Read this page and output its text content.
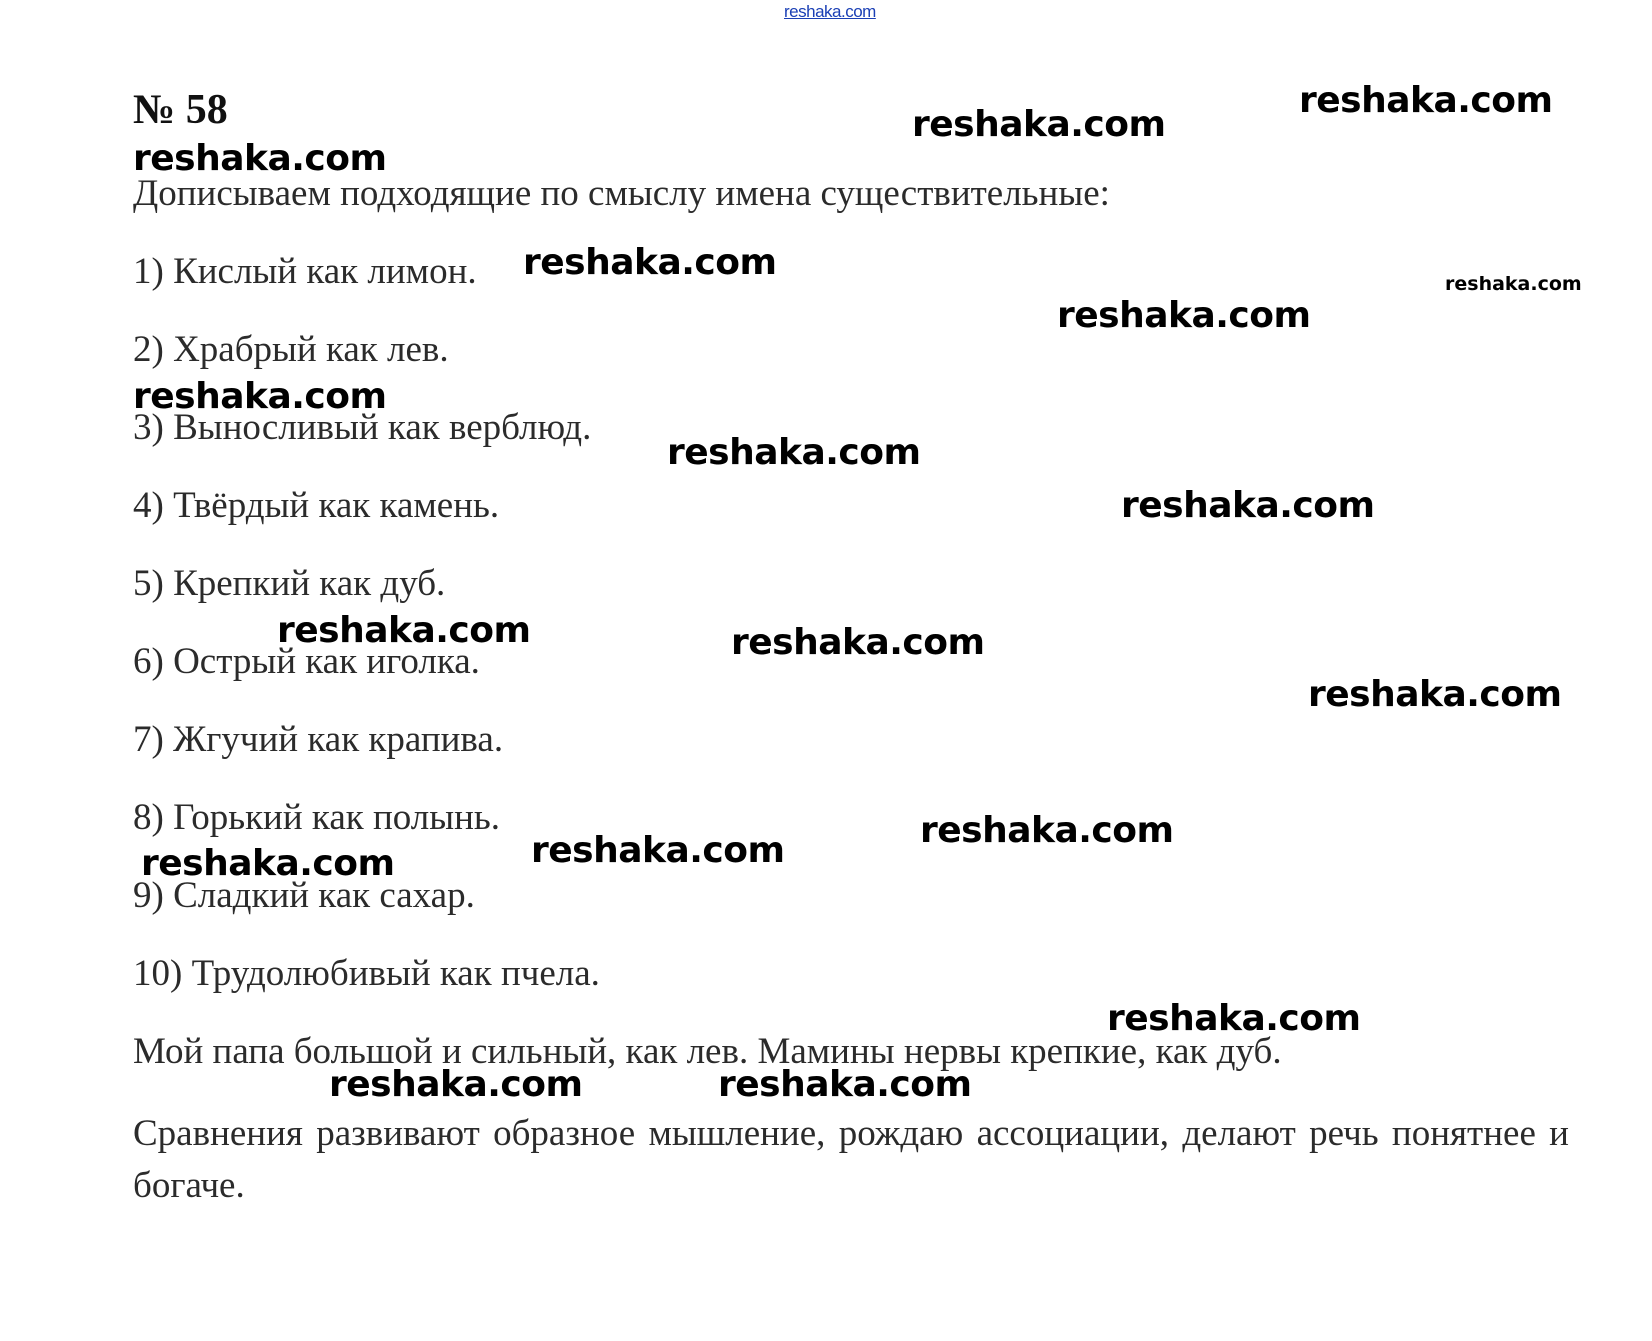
reshaka.com
№ 58

Дописываем подходящие по смыслу имена существительные:

1) Кислый как лимон.

2) Храбрый как лев.

3) Выносливый как верблюд.

4) Твёрдый как камень.

5) Крепкий как дуб.

6) Острый как иголка.

7) Жгучий как крапива.

8) Горький как полынь.

9) Сладкий как сахар.

10) Трудолюбивый как пчела.

Мой папа большой и сильный, как лев. Мамины нервы крепкие, как дуб.

Сравнения развивают образное мышление, рождаю ассоциации, делают речь понятнее и богаче.

reshaka.com
reshaka.com
reshaka.com
reshaka.com
reshaka.com
reshaka.com
reshaka.com
reshaka.com
reshaka.com
reshaka.com	reshaka.com
reshaka.com
reshaka.com
reshaka.com
reshaka.com
reshaka.com
reshaka.com	reshaka.com
